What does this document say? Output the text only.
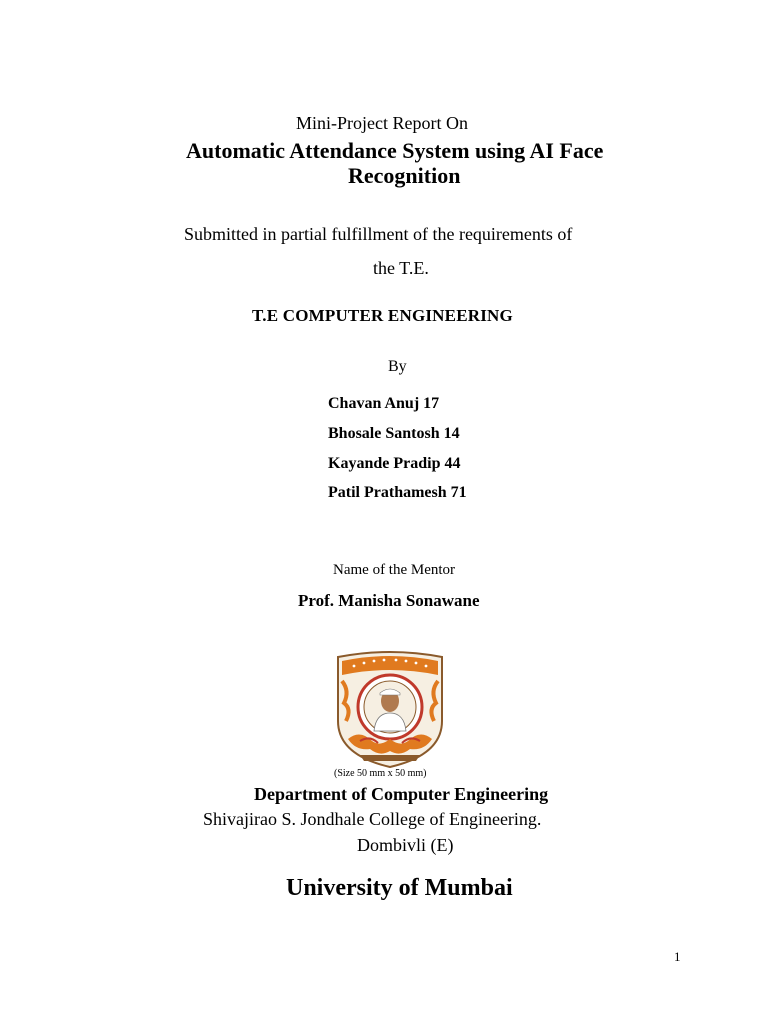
Mini-Project Report On
Automatic Attendance System using AI Face
Recognition
Submitted in partial fulfillment of the requirements of
the T.E.
T.E COMPUTER ENGINEERING
By
Chavan Anuj 17
Bhosale Santosh 14
Kayande Pradip 44
Patil Prathamesh 71
Name of the Mentor
Prof. Manisha Sonawane
(Size 50 mm x 50 mm)
Department of Computer Engineering
Shivajirao S. Jondhale College of Engineering.
Dombivli (E)
University of Mumbai
1
